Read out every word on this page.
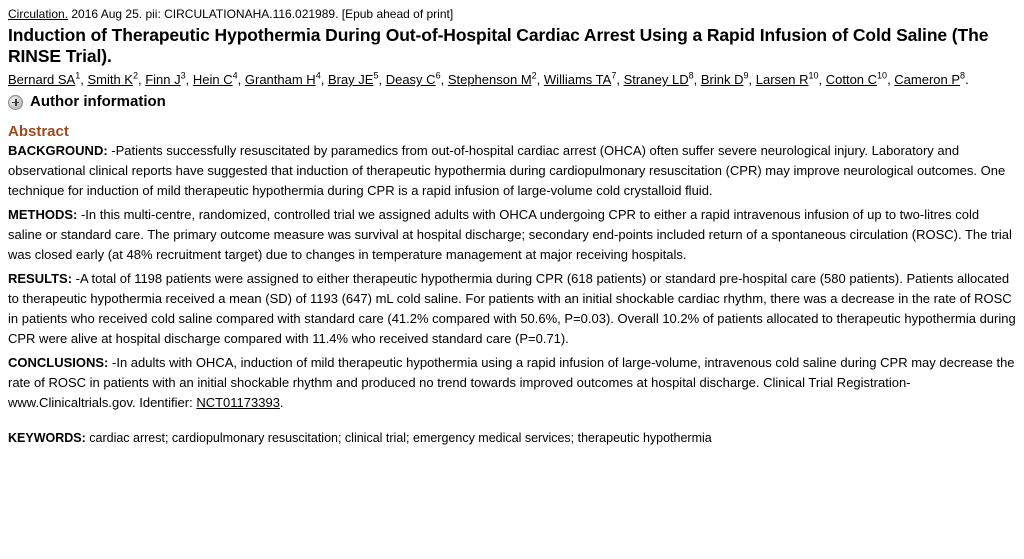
Circulation. 2016 Aug 25. pii: CIRCULATIONAHA.116.021989. [Epub ahead of print]
Induction of Therapeutic Hypothermia During Out-of-Hospital Cardiac Arrest Using a Rapid Infusion of Cold Saline (The RINSE Trial).
Bernard $SA^1$, Smith $K^2$, Finn $J^3$, Hein $C^4$, Grantham $H^4$, Bray $JE^5$, Deasy $C^6$, Stephenson $M^2$, Williams $TA^7$, Straney $LD^8$, Brink $D^9$, Larsen $R^{10}$, Cotton $C^{10}$, Cameron $P^8$.
Author information
Abstract

BACKGROUND: -Patients successfully resuscitated by paramedics from out-of-hospital cardiac arrest (OHCA) often suffer severe neurological injury. Laboratory and observational clinical reports have suggested that induction of therapeutic hypothermia during cardiopulmonary resuscitation (CPR) may improve neurological outcomes. One technique for induction of mild therapeutic hypothermia during CPR is a rapid infusion of large-volume cold crystalloid fluid.

METHODS: -In this multi-centre, randomized, controlled trial we assigned adults with OHCA undergoing CPR to either a rapid intravenous infusion of up to two-litres cold saline or standard care. The primary outcome measure was survival at hospital discharge; secondary end-points included return of a spontaneous circulation (ROSC). The trial was closed early (at 48% recruitment target) due to changes in temperature management at major receiving hospitals.

RESULTS: -A total of 1198 patients were assigned to either therapeutic hypothermia during CPR (618 patients) or standard pre-hospital care (580 patients). Patients allocated to therapeutic hypothermia received a mean (SD) of 1193 (647) mL cold saline. For patients with an initial shockable cardiac rhythm, there was a decrease in the rate of ROSC in patients who received cold saline compared with standard care (41.2% compared with 50.6%, P=0.03). Overall 10.2% of patients allocated to therapeutic hypothermia during CPR were alive at hospital discharge compared with 11.4% who received standard care (P=0.71).

CONCLUSIONS: -In adults with OHCA, induction of mild therapeutic hypothermia using a rapid infusion of large-volume, intravenous cold saline during CPR may decrease the rate of ROSC in patients with an initial shockable rhythm and produced no trend towards improved outcomes at hospital discharge. Clinical Trial Registration-www.Clinicaltrials.gov. Identifier: NCT01173393.

KEYWORDS: cardiac arrest; cardiopulmonary resuscitation; clinical trial; emergency medical services; therapeutic hypothermia
